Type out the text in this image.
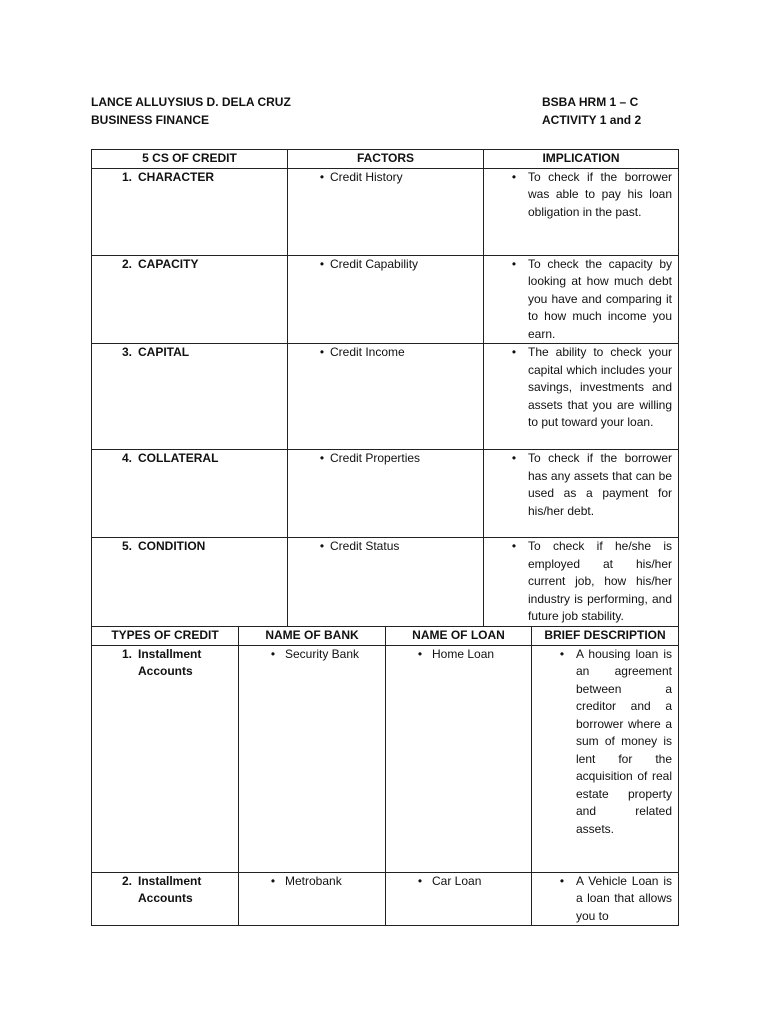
LANCE ALLUYSIUS D. DELA CRUZ
BUSINESS FINANCE
BSBA HRM 1 – C
ACTIVITY 1 and 2
5 CS OF CREDIT	FACTORS	IMPLICATION

1. CHARACTER	• Credit History	• To check if the borrower was able to pay his loan obligation in the past.

2. CAPACITY	• Credit Capability	• To check the capacity by looking at how much debt you have and comparing it to how much income you earn.

3. CAPITAL	• Credit Income	• The ability to check your capital which includes your savings, investments and assets that you are willing to put toward your loan.

4. COLLATERAL	• Credit Properties	• To check if the borrower has any assets that can be used as a payment for his/her debt.

5. CONDITION	• Credit Status	• To check if he/she is employed at his/her current job, how his/her industry is performing, and future job stability.
TYPES OF CREDIT	NAME OF BANK	NAME OF LOAN	BRIEF DESCRIPTION

1. Installment Accounts	• Security Bank	• Home Loan	• A housing loan is an agreement between a creditor and a borrower where a sum of money is lent for the acquisition of real estate property and related assets.

2. Installment Accounts	• Metrobank	• Car Loan	• A Vehicle Loan is a loan that allows you to
